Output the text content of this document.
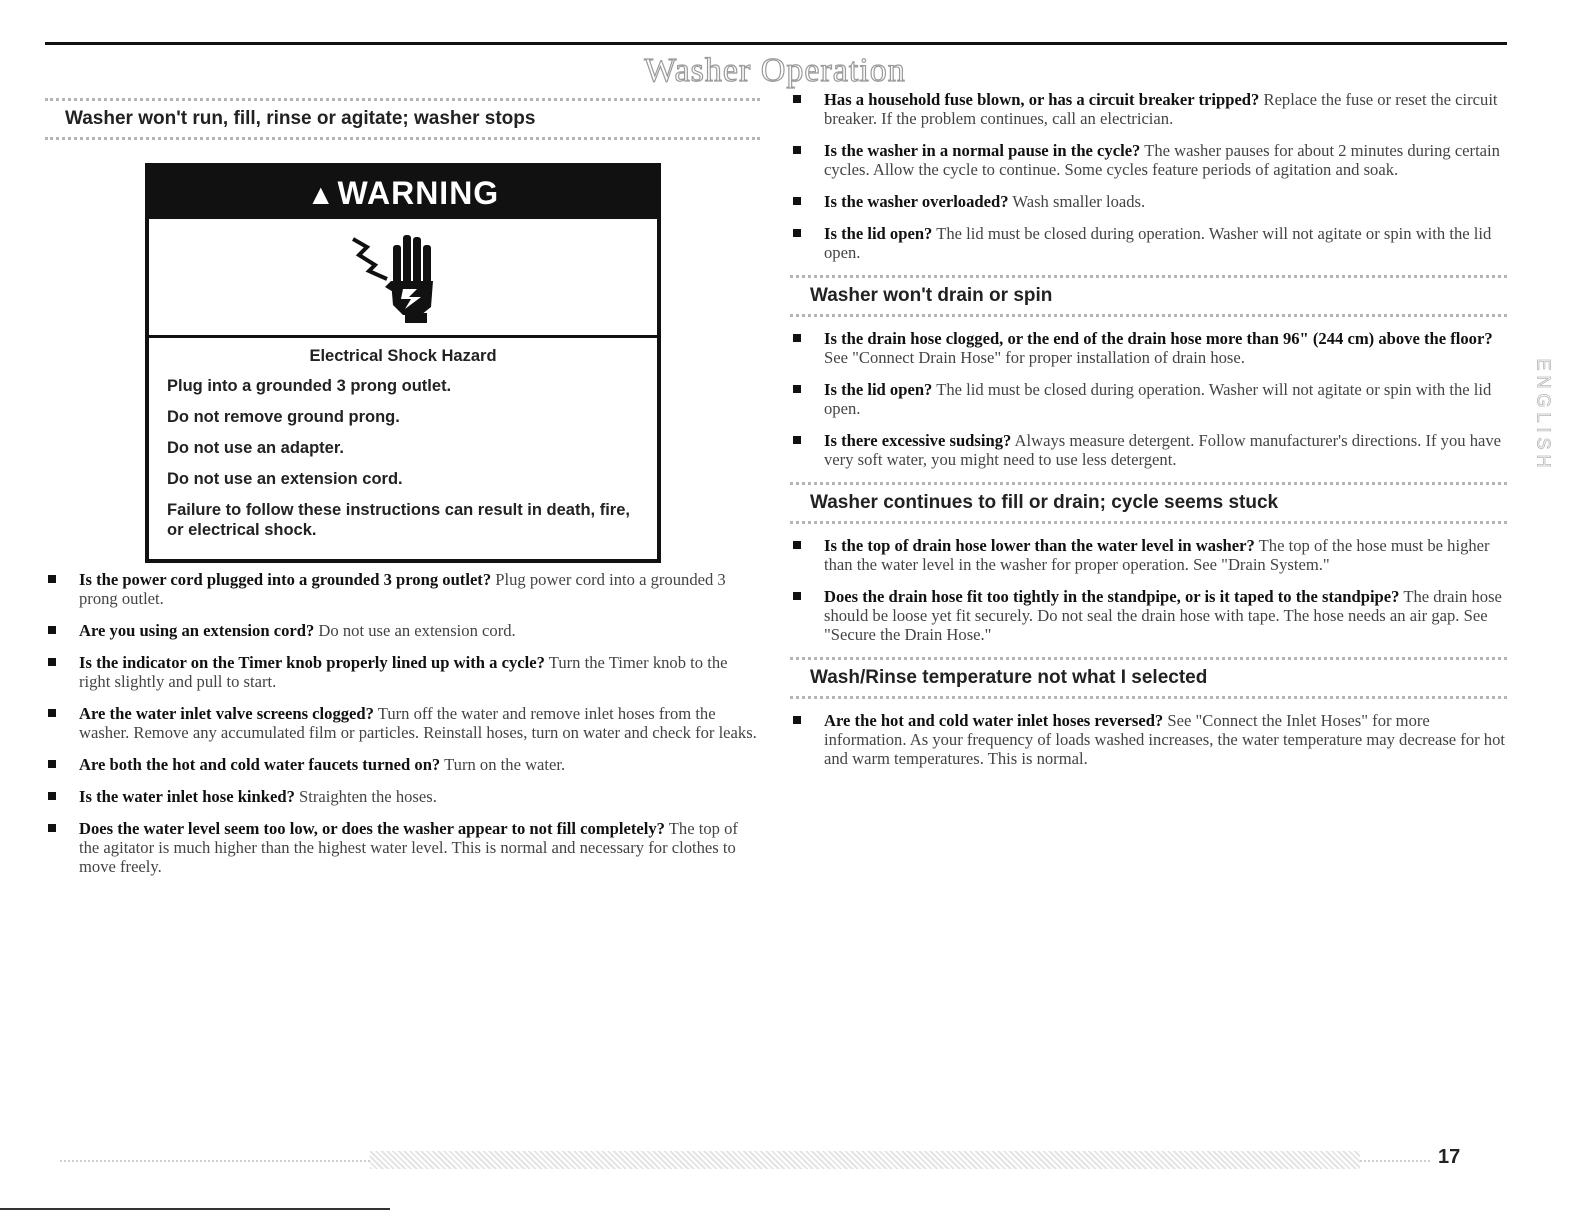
Washer Operation
Washer won't run, fill, rinse or agitate; washer stops
▲WARNING

Electrical Shock Hazard

Plug into a grounded 3 prong outlet.

Do not remove ground prong.

Do not use an adapter.

Do not use an extension cord.

Failure to follow these instructions can result in death, fire, or electrical shock.

Is the power cord plugged into a grounded 3 prong outlet? Plug power cord into a grounded 3 prong outlet.
Are you using an extension cord? Do not use an extension cord.
Is the indicator on the Timer knob properly lined up with a cycle? Turn the Timer knob to the right slightly and pull to start.
Are the water inlet valve screens clogged? Turn off the water and remove inlet hoses from the washer. Remove any accumulated film or particles. Reinstall hoses, turn on water and check for leaks.
Are both the hot and cold water faucets turned on? Turn on the water.
Is the water inlet hose kinked? Straighten the hoses.
Does the water level seem too low, or does the washer appear to not fill completely? The top of the agitator is much higher than the highest water level. This is normal and necessary for clothes to move freely.
Has a household fuse blown, or has a circuit breaker tripped? Replace the fuse or reset the circuit breaker. If the problem continues, call an electrician.
Is the washer in a normal pause in the cycle? The washer pauses for about 2 minutes during certain cycles. Allow the cycle to continue. Some cycles feature periods of agitation and soak.
Is the washer overloaded? Wash smaller loads.
Is the lid open? The lid must be closed during operation. Washer will not agitate or spin with the lid open.
Washer won't drain or spin
Is the drain hose clogged, or the end of the drain hose more than 96" (244 cm) above the floor? See "Connect Drain Hose" for proper installation of drain hose.
Is the lid open? The lid must be closed during operation. Washer will not agitate or spin with the lid open.
Is there excessive sudsing? Always measure detergent. Follow manufacturer's directions. If you have very soft water, you might need to use less detergent.
Washer continues to fill or drain; cycle seems stuck
Is the top of drain hose lower than the water level in washer? The top of the hose must be higher than the water level in the washer for proper operation. See "Drain System."
Does the drain hose fit too tightly in the standpipe, or is it taped to the standpipe? The drain hose should be loose yet fit securely. Do not seal the drain hose with tape. The hose needs an air gap. See "Secure the Drain Hose."
Wash/Rinse temperature not what I selected
Are the hot and cold water inlet hoses reversed? See "Connect the Inlet Hoses" for more information. As your frequency of loads washed increases, the water temperature may decrease for hot and warm temperatures. This is normal.
ENGLISH
17
